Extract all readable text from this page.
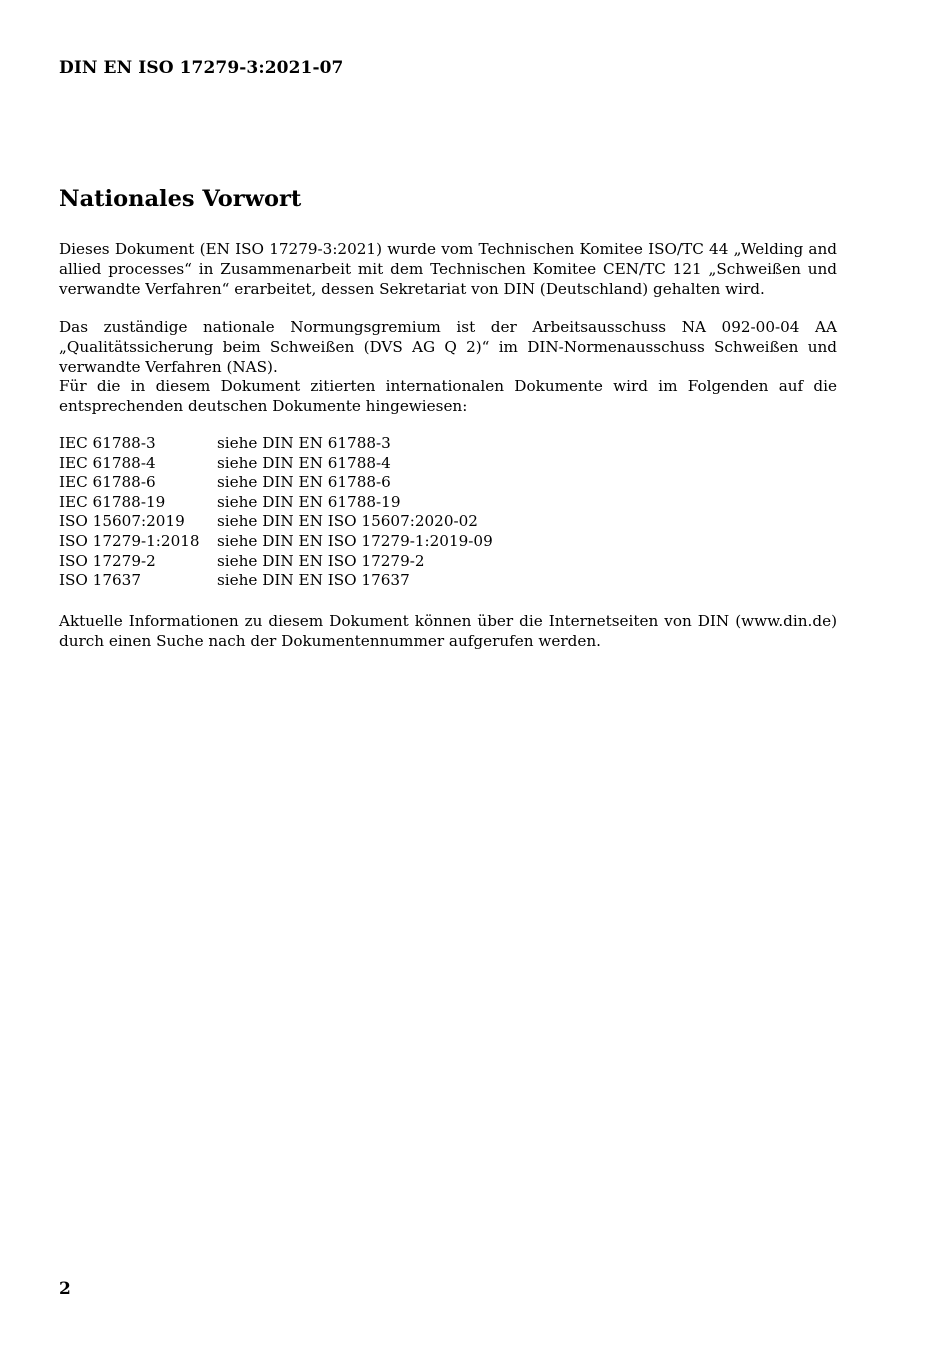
DIN EN ISO 17279-3:2021-07
Nationales Vorwort

Dieses Dokument (EN ISO 17279-3:2021) wurde vom Technischen Komitee ISO/TC 44 „Welding and allied processes“ in Zusammenarbeit mit dem Technischen Komitee CEN/TC 121 „Schweißen und verwandte Verfahren“ erarbeitet, dessen Sekretariat von DIN (Deutschland) gehalten wird.

Das zuständige nationale Normungsgremium ist der Arbeitsausschuss NA 092-00-04 AA „Qualitätssicherung beim Schweißen (DVS AG Q 2)“ im DIN-Normenausschuss Schweißen und verwandte Verfahren (NAS).

Für die in diesem Dokument zitierten internationalen Dokumente wird im Folgenden auf die entsprechenden deutschen Dokumente hingewiesen:

IEC 61788-3	siehe DIN EN 61788-3
IEC 61788-4	siehe DIN EN 61788-4
IEC 61788-6	siehe DIN EN 61788-6
IEC 61788-19	siehe DIN EN 61788-19
ISO 15607:2019	siehe DIN EN ISO 15607:2020-02
ISO 17279-1:2018	siehe DIN EN ISO 17279-1:2019-09
ISO 17279-2	siehe DIN EN ISO 17279-2
ISO 17637	siehe DIN EN ISO 17637

Aktuelle Informationen zu diesem Dokument können über die Internetseiten von DIN (www.din.de) durch einen Suche nach der Dokumentennummer aufgerufen werden.

2
